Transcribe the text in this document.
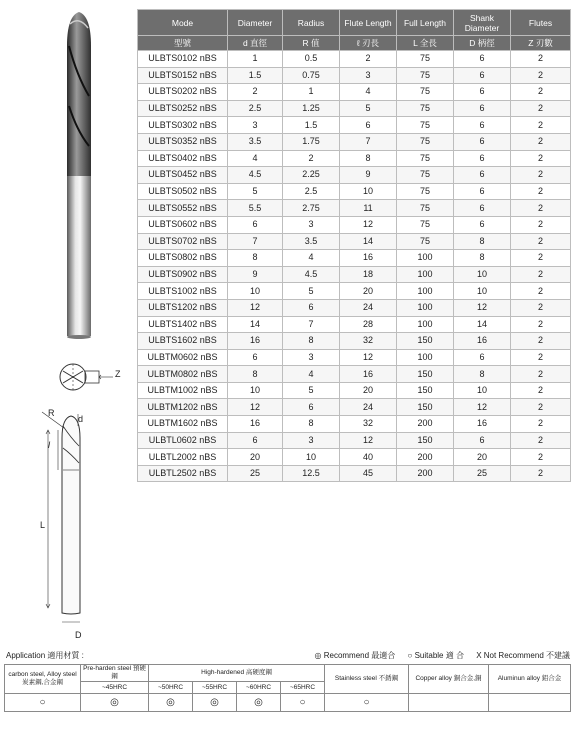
Mode	Diameter	Radius	Flute Length	Full Length	Shank Diameter	Flutes
型號	d 直徑	R 值	ℓ 刃長	L 全長	D 柄徑	Z 刃數
ULBTS0102 nBS	1	0.5	2	75	6	2
ULBTS0152 nBS	1.5	0.75	3	75	6	2
ULBTS0202 nBS	2	1	4	75	6	2
ULBTS0252 nBS	2.5	1.25	5	75	6	2
ULBTS0302 nBS	3	1.5	6	75	6	2
ULBTS0352 nBS	3.5	1.75	7	75	6	2
ULBTS0402 nBS	4	2	8	75	6	2
ULBTS0452 nBS	4.5	2.25	9	75	6	2
ULBTS0502 nBS	5	2.5	10	75	6	2
ULBTS0552 nBS	5.5	2.75	11	75	6	2
ULBTS0602 nBS	6	3	12	75	6	2
ULBTS0702 nBS	7	3.5	14	75	8	2
ULBTS0802 nBS	8	4	16	100	8	2
ULBTS0902 nBS	9	4.5	18	100	10	2
ULBTS1002 nBS	10	5	20	100	10	2
ULBTS1202 nBS	12	6	24	100	12	2
ULBTS1402 nBS	14	7	28	100	14	2
ULBTS1602 nBS	16	8	32	150	16	2
ULBTM0602 nBS	6	3	12	100	6	2
ULBTM0802 nBS	8	4	16	150	8	2
ULBTM1002 nBS	10	5	20	150	10	2
ULBTM1202 nBS	12	6	24	150	12	2
ULBTM1602 nBS	16	8	32	200	16	2
ULBTL0602 nBS	6	3	12	150	6	2
ULBTL2002 nBS	20	10	40	200	20	2
ULBTL2502 nBS	25	12.5	45	200	25	2
Z
R
d
l
L
D
Application 適用材質 :	◎ Recommend 最適合 ○ Suitable 適 合 X Not Recommend 不建議
carbon steel, Alloy steel 炭素鋼,合金鋼	Pre-harden steel 預硬鋼	High-hardened 高硬度鋼				Stainless steel 不銹鋼	Copper alloy 銅合金,銅	Aluminun alloy 鋁合金
	~45HRC	~50HRC	~55HRC	~60HRC	~65HRC			
○	◎	◎	◎	◎	○	○		
